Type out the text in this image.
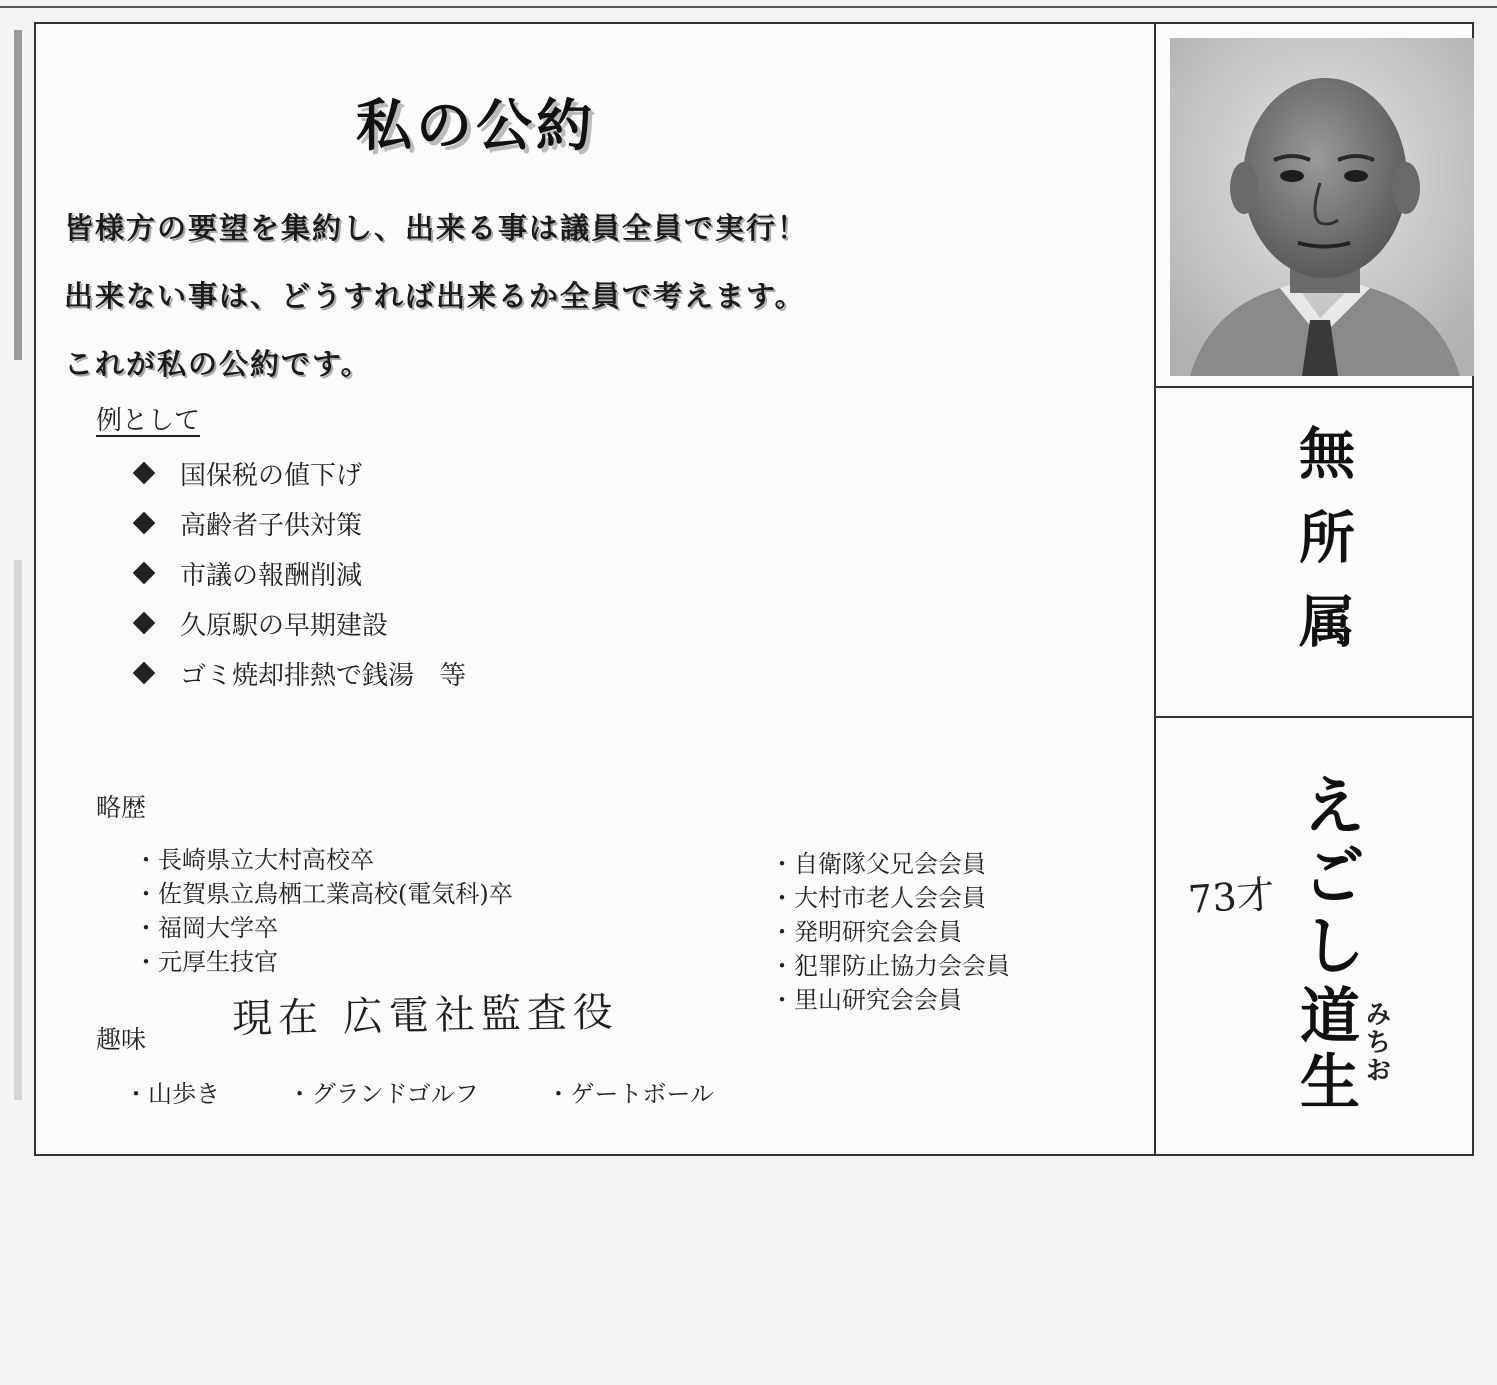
私の公約
皆様方の要望を集約し、出来る事は議員全員で実行！
出来ない事は、どうすれば出来るか全員で考えます。
これが私の公約です。
例として
国保税の値下げ
高齢者子供対策
市議の報酬削減
久原駅の早期建設
ゴミ焼却排熱で銭湯　等
略歴
・長崎県立大村高校卒
・佐賀県立鳥栖工業高校(電気科)卒
・福岡大学卒
・元厚生技官
現在 広電社監査役
・自衛隊父兄会会員
・大村市老人会会員
・発明研究会会員
・犯罪防止協力会会員
・里山研究会会員
趣味
・山歩き	・グランドゴルフ	・ゲートボール
無所属
73才 えごし
道生 みちお
